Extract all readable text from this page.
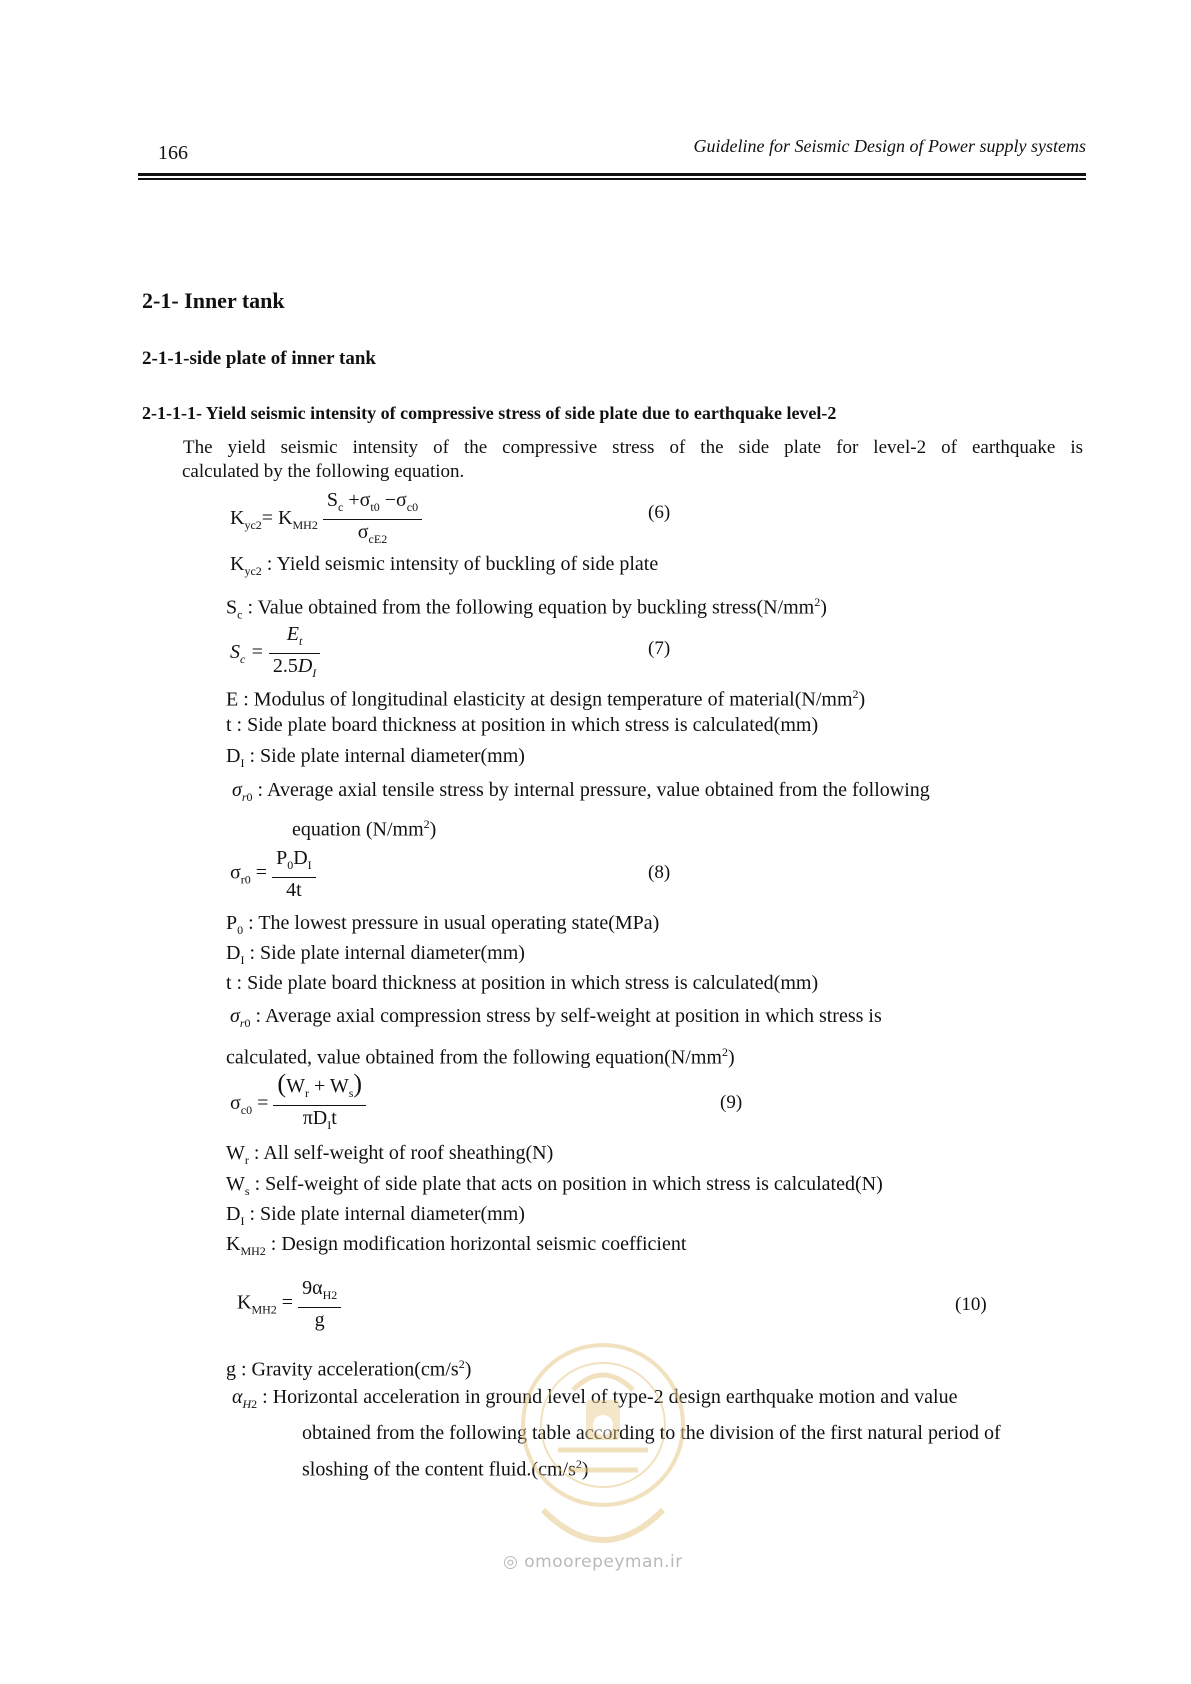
166	Guideline for Seismic Design of Power supply systems
2-1- Inner tank
2-1-1-side plate of inner tank
2-1-1-1- Yield seismic intensity of compressive stress of side plate due to earthquake level-2
The yield seismic intensity of the compressive stress of the side plate for level-2 of earthquake is
calculated by the following equation.
$K_{yc2}= K_{MH2} \frac{S_c +\sigma_{t0} -\sigma_{c0}}{\sigma_{cE2}}$	(6)
$K_{yc2}$ : Yield seismic intensity of buckling of side plate
$S_c$ : Value obtained from the following equation by buckling $stress(N/mm^2)$
$S_c = \frac{E_t}{2.5D_I}$	(7)
E : Modulus of longitudinal elasticity at design temperature of $material(N/mm^2)$
t : Side plate board thickness at position in which stress is calculated(mm)
$D_I$ : Side plate internal diameter(mm)
$\sigma_{r0}$ : Average axial tensile stress by internal pressure, value obtained from the following
equation $(N/mm^2)$
$\sigma_{r0} = \frac{P_0D_I}{4t}$	(8)
$P_0$ : The lowest pressure in usual operating state(MPa)
$D_I$ : Side plate internal diameter(mm)
t : Side plate board thickness at position in which stress is calculated(mm)
$\sigma_{r0}$ : Average axial compression stress by self-weight at position in which stress is
calculated, value obtained from the following $equation(N/mm^2)$
$\sigma_{c0} = \frac{(W_r + W_s)}{\pi D_It}$	(9)
$W_r$ : All self-weight of roof sheathing(N)
$W_s$ : Self-weight of side plate that acts on position in which stress is calculated(N)
$D_I$ : Side plate internal diameter(mm)
$K_{MH2}$ : Design modification horizontal seismic coefficient
$K_{MH2} = \frac{9\alpha_{H2}}{g}$	(10)
g : Gravity $acceleration(cm/s^2)$
$\alpha_{H2}$ : Horizontal acceleration in ground level of type-2 design earthquake motion and value
obtained from the following table according to the division of the first natural period of
sloshing of the content $fluid.(cm/s^2)$
◎ omoorepeyman.ir
